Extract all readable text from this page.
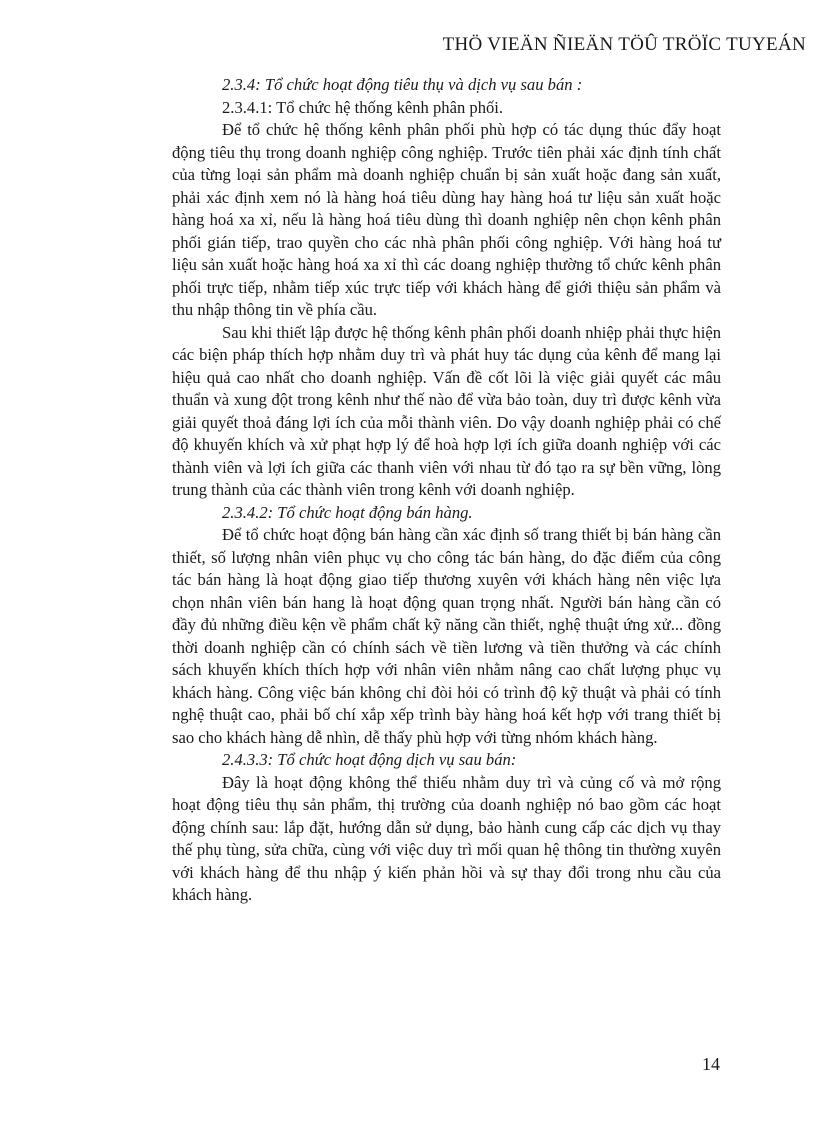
THÖ VIEÄN ÑIEÄN TÖÛ TRÖÏC TUYEÁN

2.3.4: Tổ chức hoạt động tiêu thụ và dịch vụ sau bán :

2.3.4.1: Tổ chức hệ thống kênh phân phối.

Để tổ chức hệ thống kênh phân phối phù hợp có tác dụng thúc đẩy hoạt động tiêu thụ trong doanh nghiệp công nghiệp. Trước tiên phải xác định tính chất của từng loại sản phẩm mà doanh nghiệp chuẩn bị sản xuất hoặc đang sản xuất, phải xác định xem nó là hàng hoá tiêu dùng hay hàng hoá tư liệu sản xuất hoặc hàng hoá xa xỉ, nếu là hàng hoá tiêu dùng thì doanh nghiệp nên chọn kênh phân phối gián tiếp, trao quyền cho các nhà phân phối công nghiệp. Với hàng hoá tư liệu sản xuất hoặc hàng hoá xa xỉ thì các doang nghiệp thường tổ chức kênh phân phối trực tiếp, nhằm tiếp xúc trực tiếp với khách hàng để giới thiệu sản phẩm và thu nhập thông tin về phía cầu.

Sau khi thiết lập được hệ thống kênh phân phối doanh nhiệp phải thực hiện các biện pháp thích hợp nhằm duy trì và phát huy tác dụng của kênh để mang lại hiệu quả cao nhất cho doanh nghiệp. Vấn đề cốt lõi là việc giải quyết các mâu thuẩn và xung đột trong kênh như thế nào để vừa bảo toàn, duy trì được kênh vừa giải quyết thoả đáng lợi ích của mỗi thành viên. Do vậy doanh nghiệp phải có chế độ khuyến khích và xử phạt hợp lý để hoà hợp lợi ích giữa doanh nghiệp với các thành viên và lợi ích giữa các thanh viên với nhau từ đó tạo ra sự bền vững, lòng trung thành của các thành viên trong kênh với doanh nghiệp.

2.3.4.2: Tổ chức hoạt động bán hàng.

Để tổ chức hoạt động bán hàng cần xác định số trang thiết bị bán hàng cần thiết, số lượng nhân viên phục vụ cho công tác bán hàng, do đặc điểm của công tác bán hàng là hoạt động giao tiếp thương xuyên với khách hàng nên việc lựa chọn nhân viên bán hang là hoạt động quan trọng nhất. Người bán hàng cần có đầy đủ những điều kện về phẩm chất kỹ năng cần thiết, nghệ thuật ứng xử... đồng thời doanh nghiệp cần có chính sách về tiền lương và tiền thưởng và các chính sách khuyến khích thích hợp với nhân viên nhằm nâng cao chất lượng phục vụ khách hàng. Công việc bán không chỉ đòi hỏi có trình độ kỹ thuật và phải có tính nghệ thuật cao, phải bố chí xắp xếp trình bày hàng hoá kết hợp với trang thiết bị sao cho khách hàng dễ nhìn, dễ thấy phù hợp với từng nhóm khách hàng.

2.4.3.3: Tổ chức hoạt động dịch vụ sau bán:

Đây là hoạt động không thể thiếu nhằm duy trì và củng cố và mở rộng hoạt động tiêu thụ sản phẩm, thị trường của doanh nghiệp nó bao gồm các hoạt động chính sau: lắp đặt, hướng dẫn sử dụng, bảo hành cung cấp các dịch vụ thay thế phụ tùng, sửa chữa, cùng với việc duy trì mối quan hệ thông tin thường xuyên với khách hàng để thu nhập ý kiến phản hồi và sự thay đổi trong nhu cầu của khách hàng.

14
